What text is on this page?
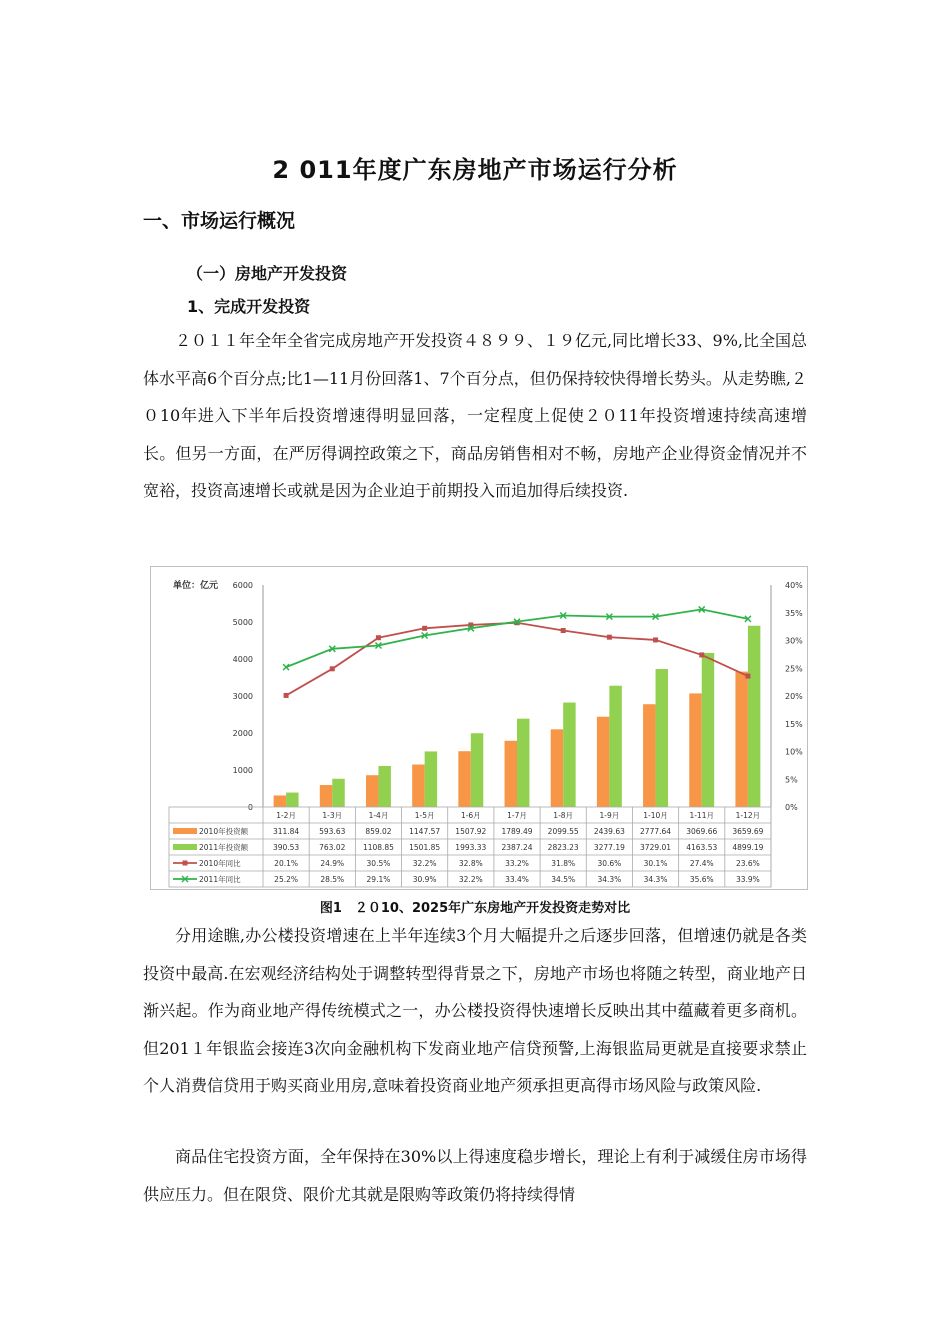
2 011年度广东房地产市场运行分析
一、市场运行概况
（一）房地产开发投资
1、完成开发投资

２０１１年全年全省完成房地产开发投资４８９９、１９亿元,同比增长33、9%,比全国总体水平高6个百分点;比1—11月份回落1、7个百分点，但仍保持较快得增长势头。从走势瞧,２０10年进入下半年后投资增速得明显回落，一定程度上促使２０11年投资增速持续高速增长。但另一方面，在严厉得调控政策之下，商品房销售相对不畅，房地产企业得资金情况并不宽裕，投资高速增长或就是因为企业迫于前期投入而追加得后续投资.

单位：亿元
0
1000
2000
3000
4000
5000
6000
0%
5%
10%
15%
20%
25%
30%
35%
40%
1-2月	1-3月	1-4月	1-5月	1-6月	1-7月	1-8月	1-9月	1-10月	1-11月	1-12月
2010年投资额	311.84	593.63	859.02 1147.57 1507.92 1789.49 2099.55 2439.63 2777.64 3069.66 3659.69
2011年投资额	390.53	763.02 1108.85 1501.85 1993.33 2387.24 2823.23 3277.19 3729.01 4163.53 4899.19
2010年同比	20.1%	24.9%	30.5%	32.2%	32.8%	33.2%	31.8%	30.6%	30.1%	27.4%	23.6%
2011年同比	25.2%	28.5%	29.1%	30.9%	32.2%	33.4%	34.5%	34.3%	34.3%	35.6%	33.9%
图1　２０10、2025年广东房地产开发投资走势对比

分用途瞧,办公楼投资增速在上半年连续3个月大幅提升之后逐步回落，但增速仍就是各类投资中最高.在宏观经济结构处于调整转型得背景之下，房地产市场也将随之转型，商业地产日渐兴起。作为商业地产得传统模式之一，办公楼投资得快速增长反映出其中蕴藏着更多商机。但201１年银监会接连3次向金融机构下发商业地产信贷预警,上海银监局更就是直接要求禁止个人消费信贷用于购买商业用房,意味着投资商业地产须承担更高得市场风险与政策风险.

商品住宅投资方面，全年保持在30%以上得速度稳步增长，理论上有利于减缓住房市场得供应压力。但在限贷、限价尤其就是限购等政策仍将持续得情
